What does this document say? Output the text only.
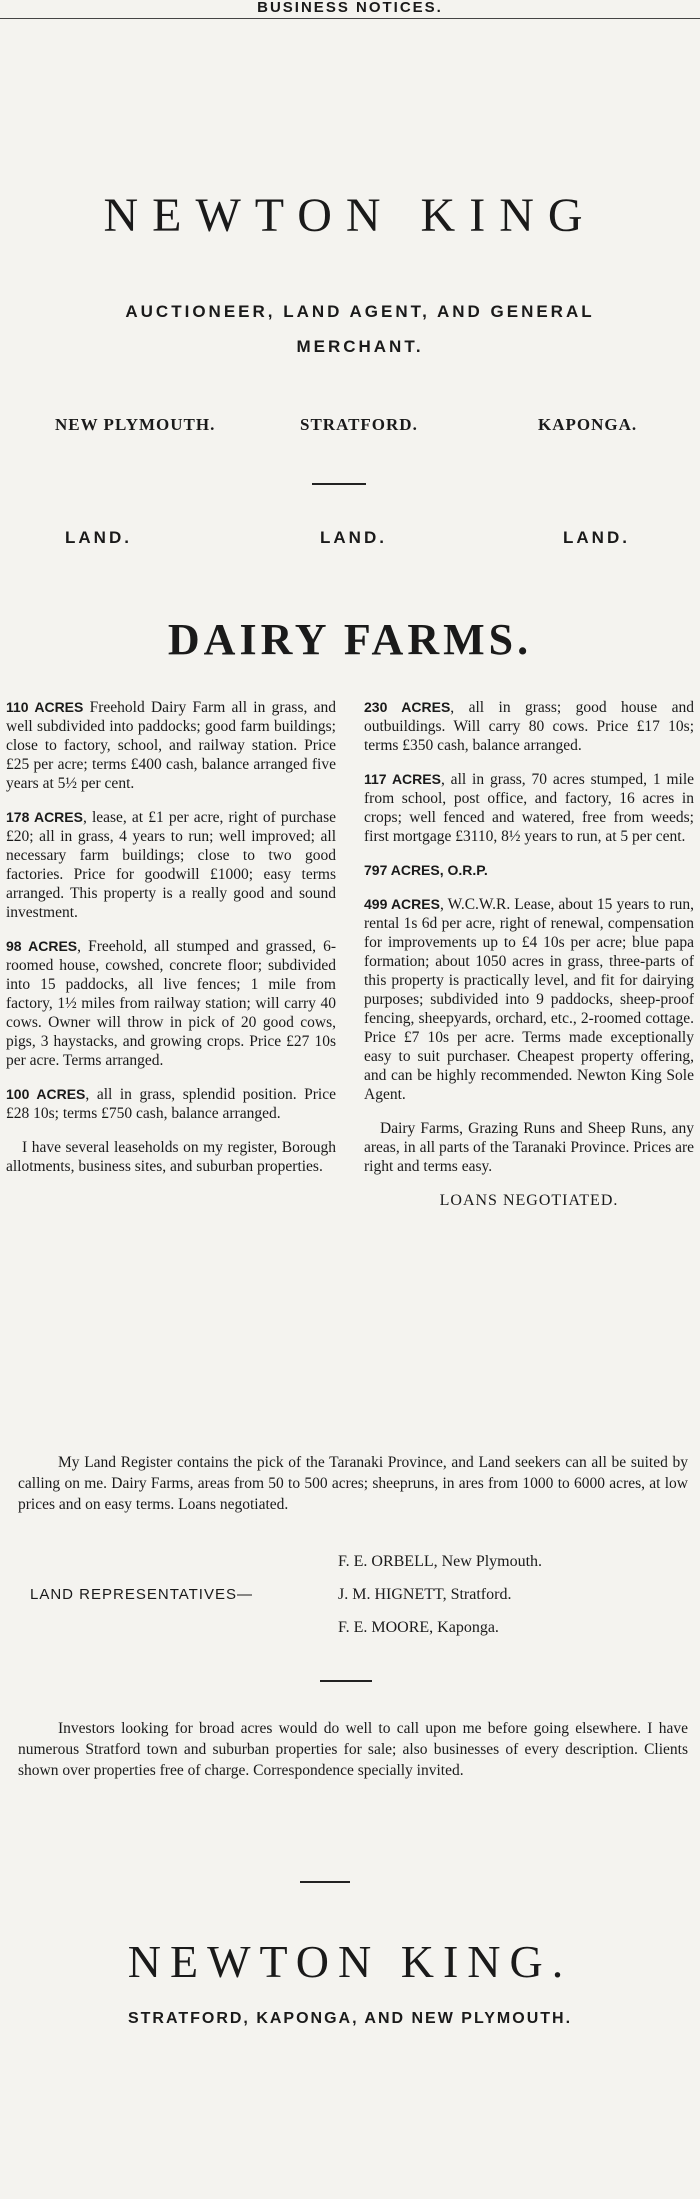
BUSINESS NOTICES.
NEWTON KING
AUCTIONEER, LAND AGENT, AND GENERAL
MERCHANT.
NEW PLYMOUTH.	STRATFORD.	KAPONGA.
LAND.	LAND.	LAND.
DAIRY FARMS.

110 ACRES Freehold Dairy Farm all in grass, and well subdivided into paddocks; good farm buildings; close to factory, school, and railway station. Price £25 per acre; terms £400 cash, balance arranged five years at 5½ per cent.

178 ACRES, lease, at £1 per acre, right of purchase £20; all in grass, 4 years to run; well improved; all necessary farm buildings; close to two good factories. Price for goodwill £1000; easy terms arranged. This property is a really good and sound investment.

98 ACRES, Freehold, all stumped and grassed, 6-roomed house, cowshed, concrete floor; subdivided into 15 paddocks, all live fences; 1 mile from factory, 1½ miles from railway station; will carry 40 cows. Owner will throw in pick of 20 good cows, pigs, 3 haystacks, and growing crops. Price £27 10s per acre. Terms arranged.

100 ACRES, all in grass, splendid position. Price £28 10s; terms £750 cash, balance arranged.

I have several leaseholds on my register, Borough allotments, business sites, and suburban properties.

230 ACRES, all in grass; good house and outbuildings. Will carry 80 cows. Price £17 10s; terms £350 cash, balance arranged.

117 ACRES, all in grass, 70 acres stumped, 1 mile from school, post office, and factory, 16 acres in crops; well fenced and watered, free from weeds; first mortgage £3110, 8½ years to run, at 5 per cent.

797 ACRES, O.R.P.

499 ACRES, W.C.W.R. Lease, about 15 years to run, rental 1s 6d per acre, right of renewal, compensation for improvements up to £4 10s per acre; blue papa formation; about 1050 acres in grass, three-parts of this property is practically level, and fit for dairying purposes; subdivided into 9 paddocks, sheep-proof fencing, sheepyards, orchard, etc., 2-roomed cottage. Price £7 10s per acre. Terms made exceptionally easy to suit purchaser. Cheapest property offering, and can be highly recommended. Newton King Sole Agent.

Dairy Farms, Grazing Runs and Sheep Runs, any areas, in all parts of the Taranaki Province. Prices are right and terms easy.

LOANS NEGOTIATED.

My Land Register contains the pick of the Taranaki Province, and Land seekers can all be suited by calling on me. Dairy Farms, areas from 50 to 500 acres; sheepruns, in ares from 1000 to 6000 acres, at low prices and on easy terms. Loans negotiated.

LAND REPRESENTATIVES—
F. E. ORBELL, New Plymouth.
J. M. HIGNETT, Stratford.
F. E. MOORE, Kaponga.

Investors looking for broad acres would do well to call upon me before going elsewhere. I have numerous Stratford town and suburban properties for sale; also businesses of every description. Clients shown over properties free of charge. Correspondence specially invited.

NEWTON KING.
STRATFORD, KAPONGA, AND NEW PLYMOUTH.
